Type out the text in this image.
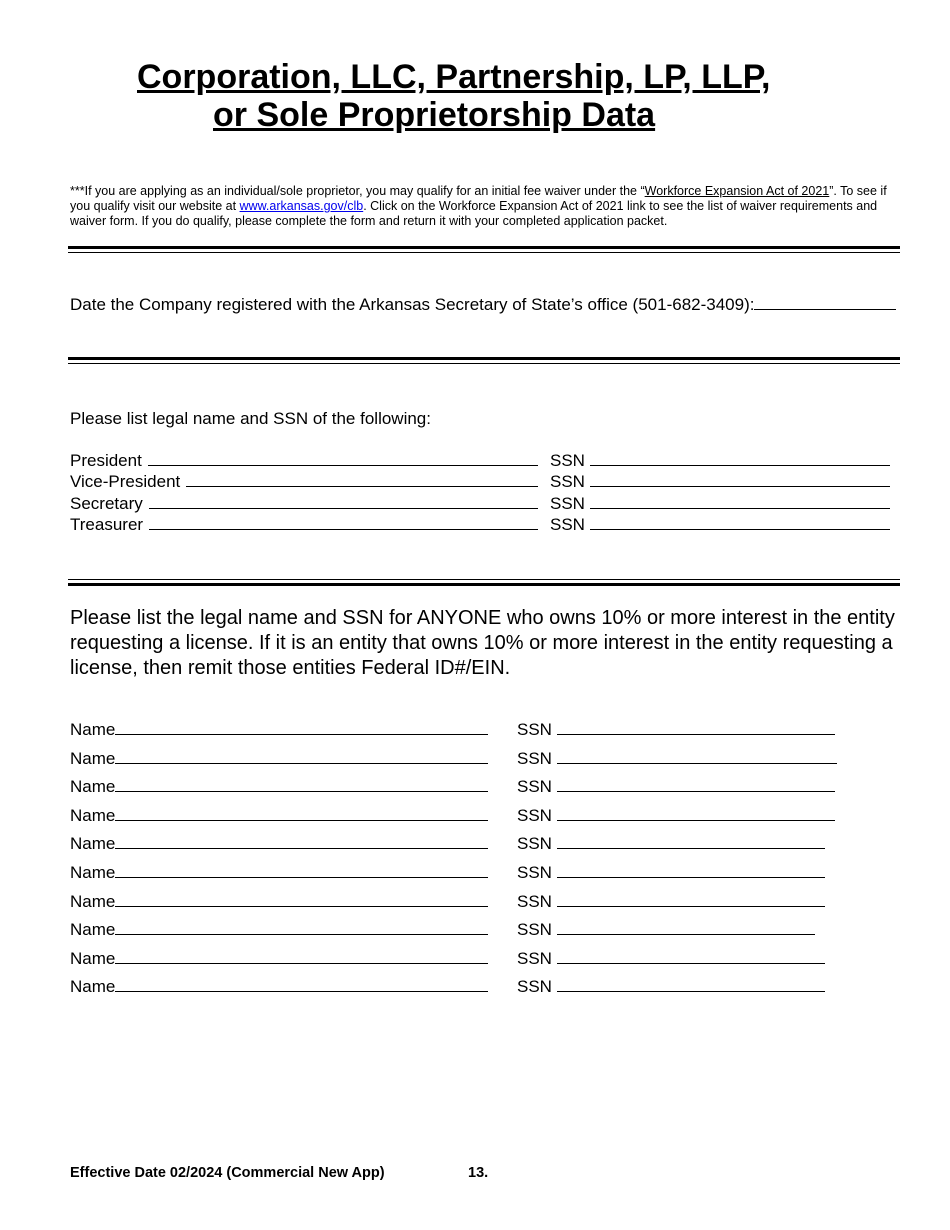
Corporation, LLC, Partnership, LP, LLP,
or Sole Proprietorship Data
***If you are applying as an individual/sole proprietor, you may qualify for an initial fee waiver under the “Workforce Expansion Act of 2021”. To see if you qualify visit our website at www.arkansas.gov/clb. Click on the Workforce Expansion Act of 2021 link to see the list of waiver requirements and waiver form. If you do qualify, please complete the form and return it with your completed application packet.
Date the Company registered with the Arkansas Secretary of State’s office (501-682-3409):
Please list legal name and SSN of the following:
President	SSN
Vice-President	SSN
Secretary	SSN
Treasurer	SSN
Please list the legal name and SSN for ANYONE who owns 10% or more interest in the entity requesting a license. If it is an entity that owns 10% or more interest in the entity requesting a license, then remit those entities Federal ID#/EIN.
Name	SSN
Name	SSN
Name	SSN
Name	SSN
Name	SSN
Name	SSN
Name	SSN
Name	SSN
Name	SSN
Name	SSN
Effective Date 02/2024 (Commercial New App)	13.
